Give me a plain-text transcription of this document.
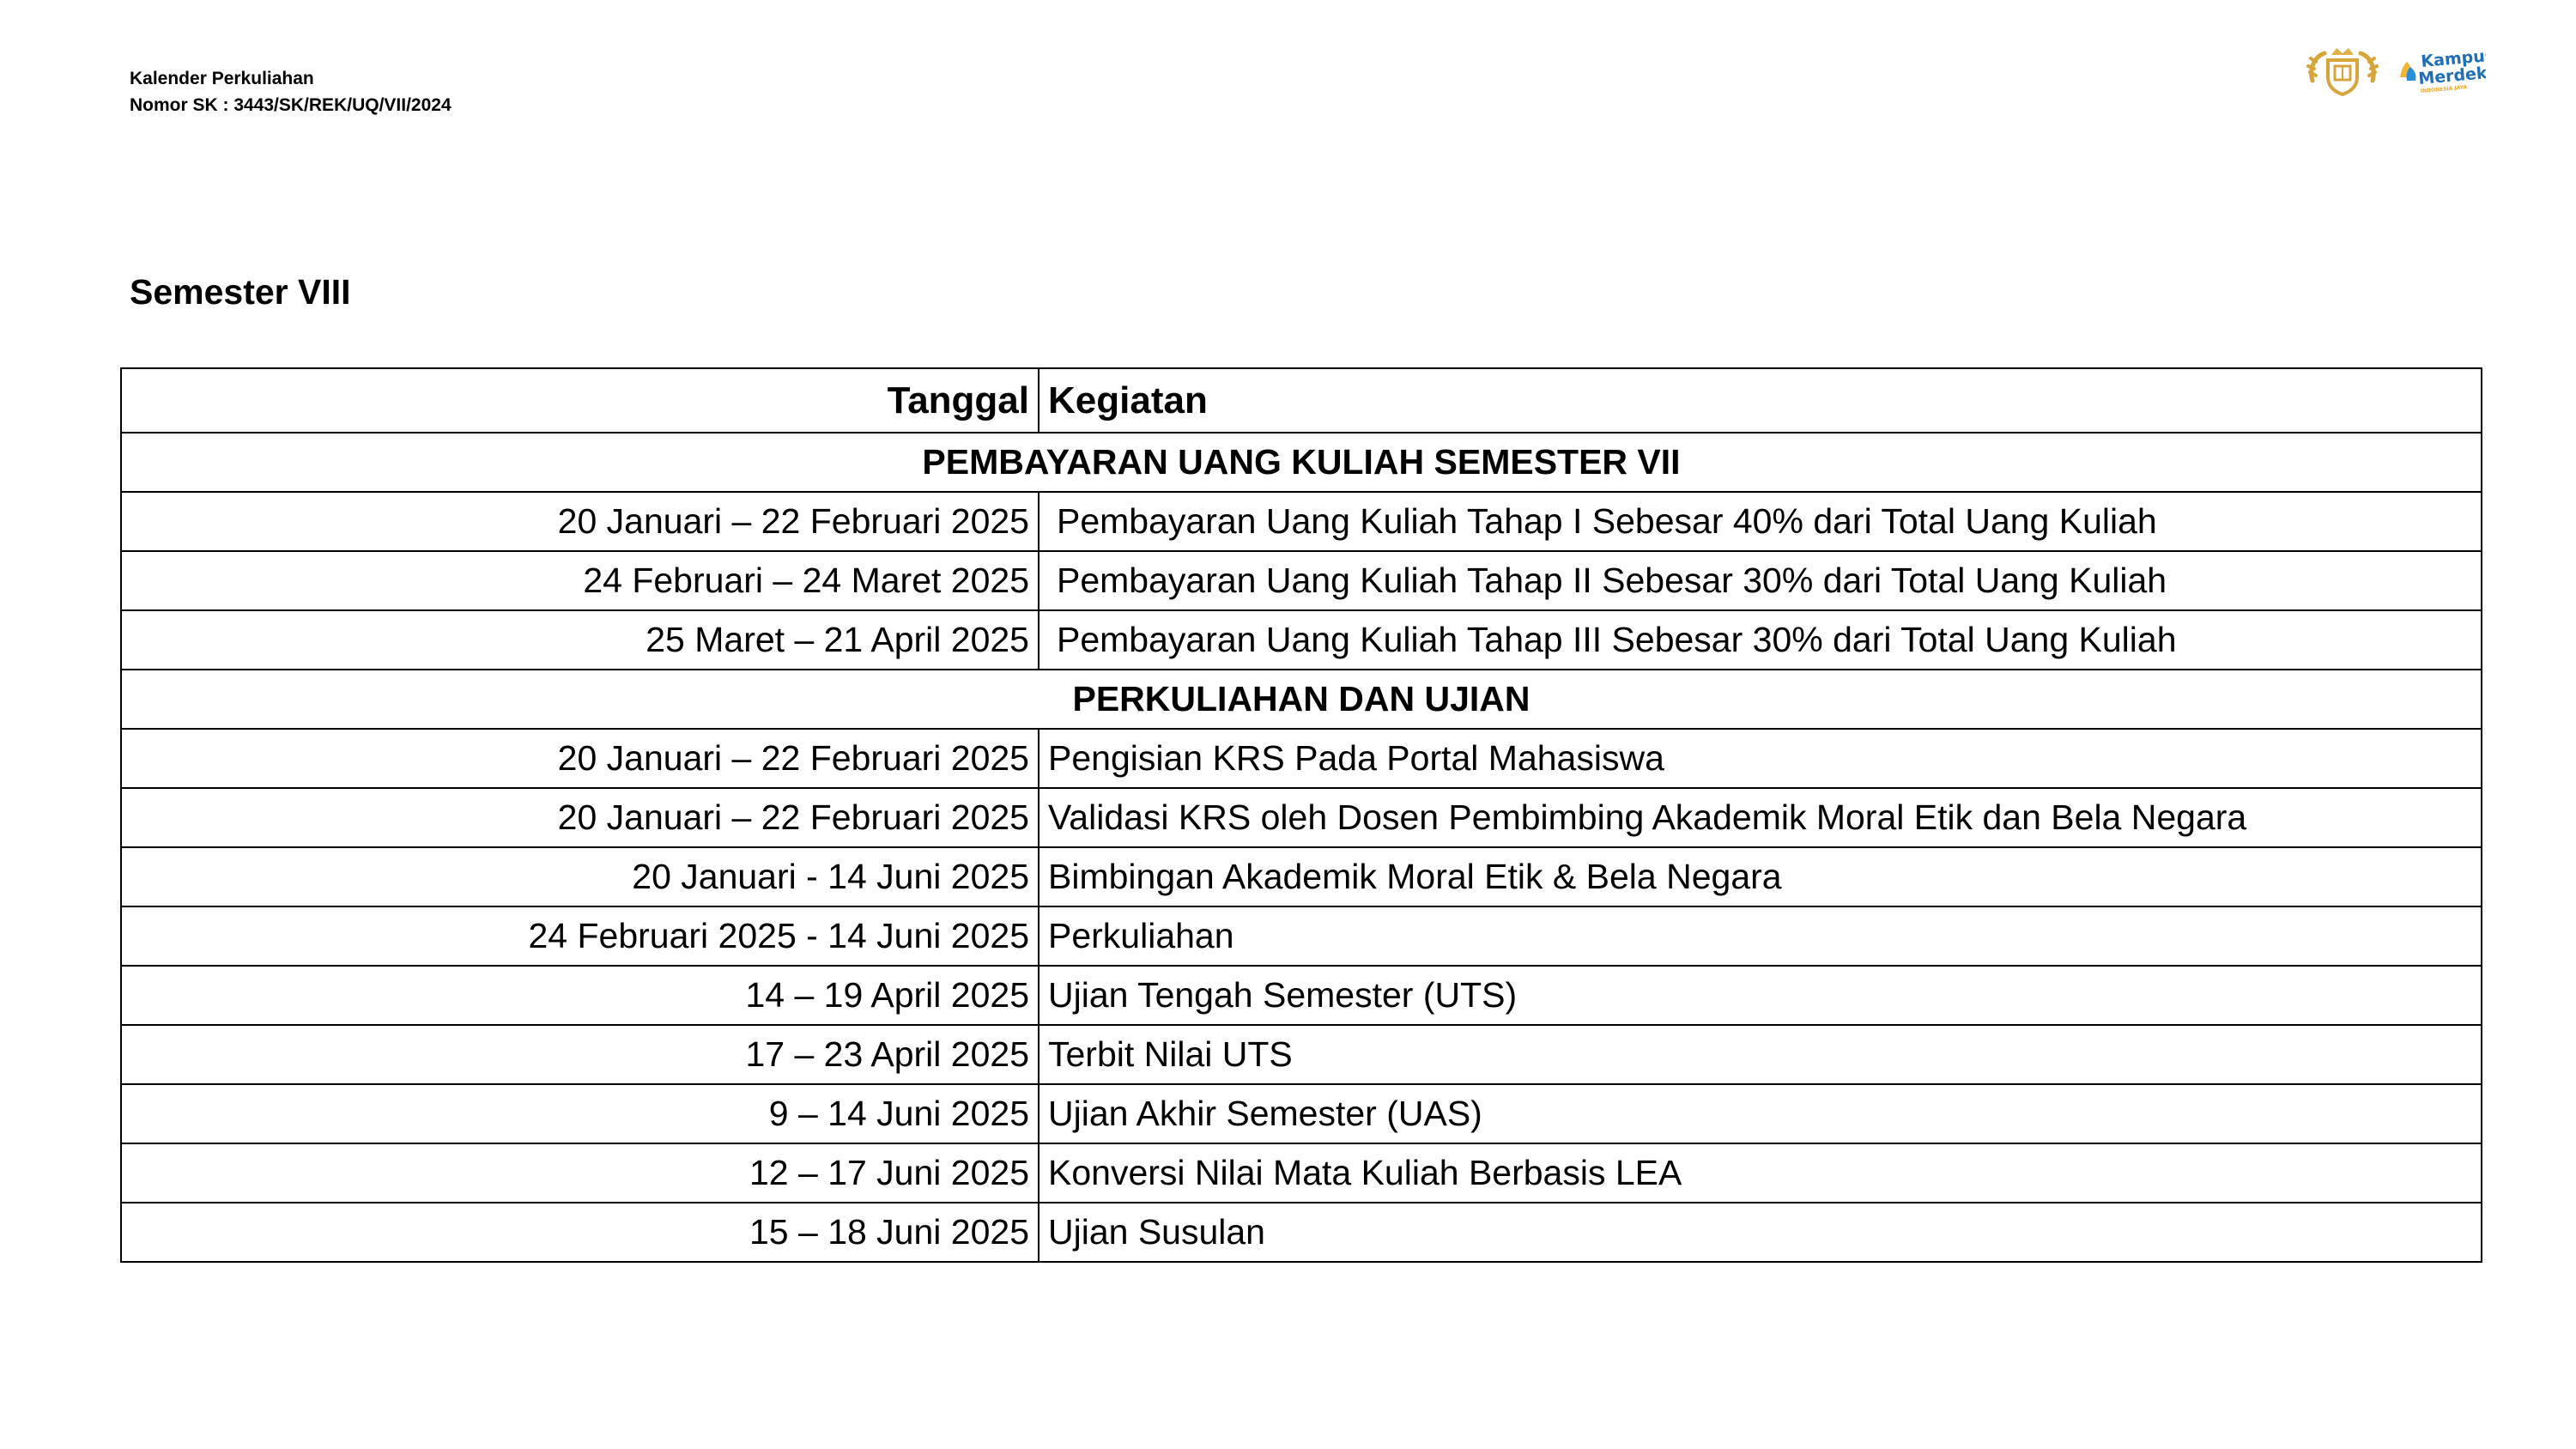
Kalender Perkuliahan
Nomor SK : 3443/SK/REK/UQ/VII/2024
Kampus
Merdeka
INDONESIA JAYA
Semester VIII
Tanggal	Kegiatan
PEMBAYARAN UANG KULIAH SEMESTER VII	
20 Januari – 22 Februari 2025	Pembayaran Uang Kuliah Tahap I Sebesar 40% dari Total Uang Kuliah
24 Februari – 24 Maret 2025	Pembayaran Uang Kuliah Tahap II Sebesar 30% dari Total Uang Kuliah
25 Maret – 21 April 2025	Pembayaran Uang Kuliah Tahap III Sebesar 30% dari Total Uang Kuliah
PERKULIAHAN DAN UJIAN	
20 Januari – 22 Februari 2025	Pengisian KRS Pada Portal Mahasiswa
20 Januari – 22 Februari 2025	Validasi KRS oleh Dosen Pembimbing Akademik Moral Etik dan Bela Negara
20 Januari - 14 Juni 2025	Bimbingan Akademik Moral Etik & Bela Negara
24 Februari 2025 - 14 Juni 2025	Perkuliahan
14 – 19 April 2025	Ujian Tengah Semester (UTS)
17 – 23 April 2025	Terbit Nilai UTS
9 – 14 Juni 2025	Ujian Akhir Semester (UAS)
12 – 17 Juni 2025	Konversi Nilai Mata Kuliah Berbasis LEA
15 – 18 Juni 2025	Ujian Susulan
